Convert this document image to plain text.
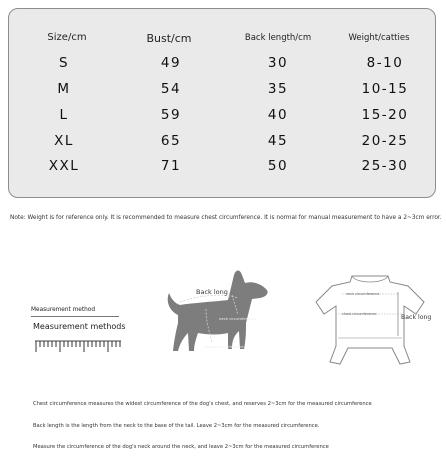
Size/cm	Bust/cm	Back length/cm	Weight/catties
S	49	30	8-10
M	54	35	10-15
L	59	40	15-20
XL	65	45	20-25
XXL	71	50	25-30
Note: Weight is for reference only. It is recommended to measure chest circumference. It is normal for manual measurement to have a 2~3cm error.
Measurement method
Measurement methods
Back long
neck circumference
chest circumference
neck circumference
chest circumference	Back long
Chest circumference measures the widest circumference of the dog's chest, and reserves 2~3cm for the measured circumference
Back length is the length from the neck to the base of the tail. Leave 2~3cm for the measured circumference.
Measure the circumference of the dog's neck around the neck, and leave 2~3cm for the measured circumference
